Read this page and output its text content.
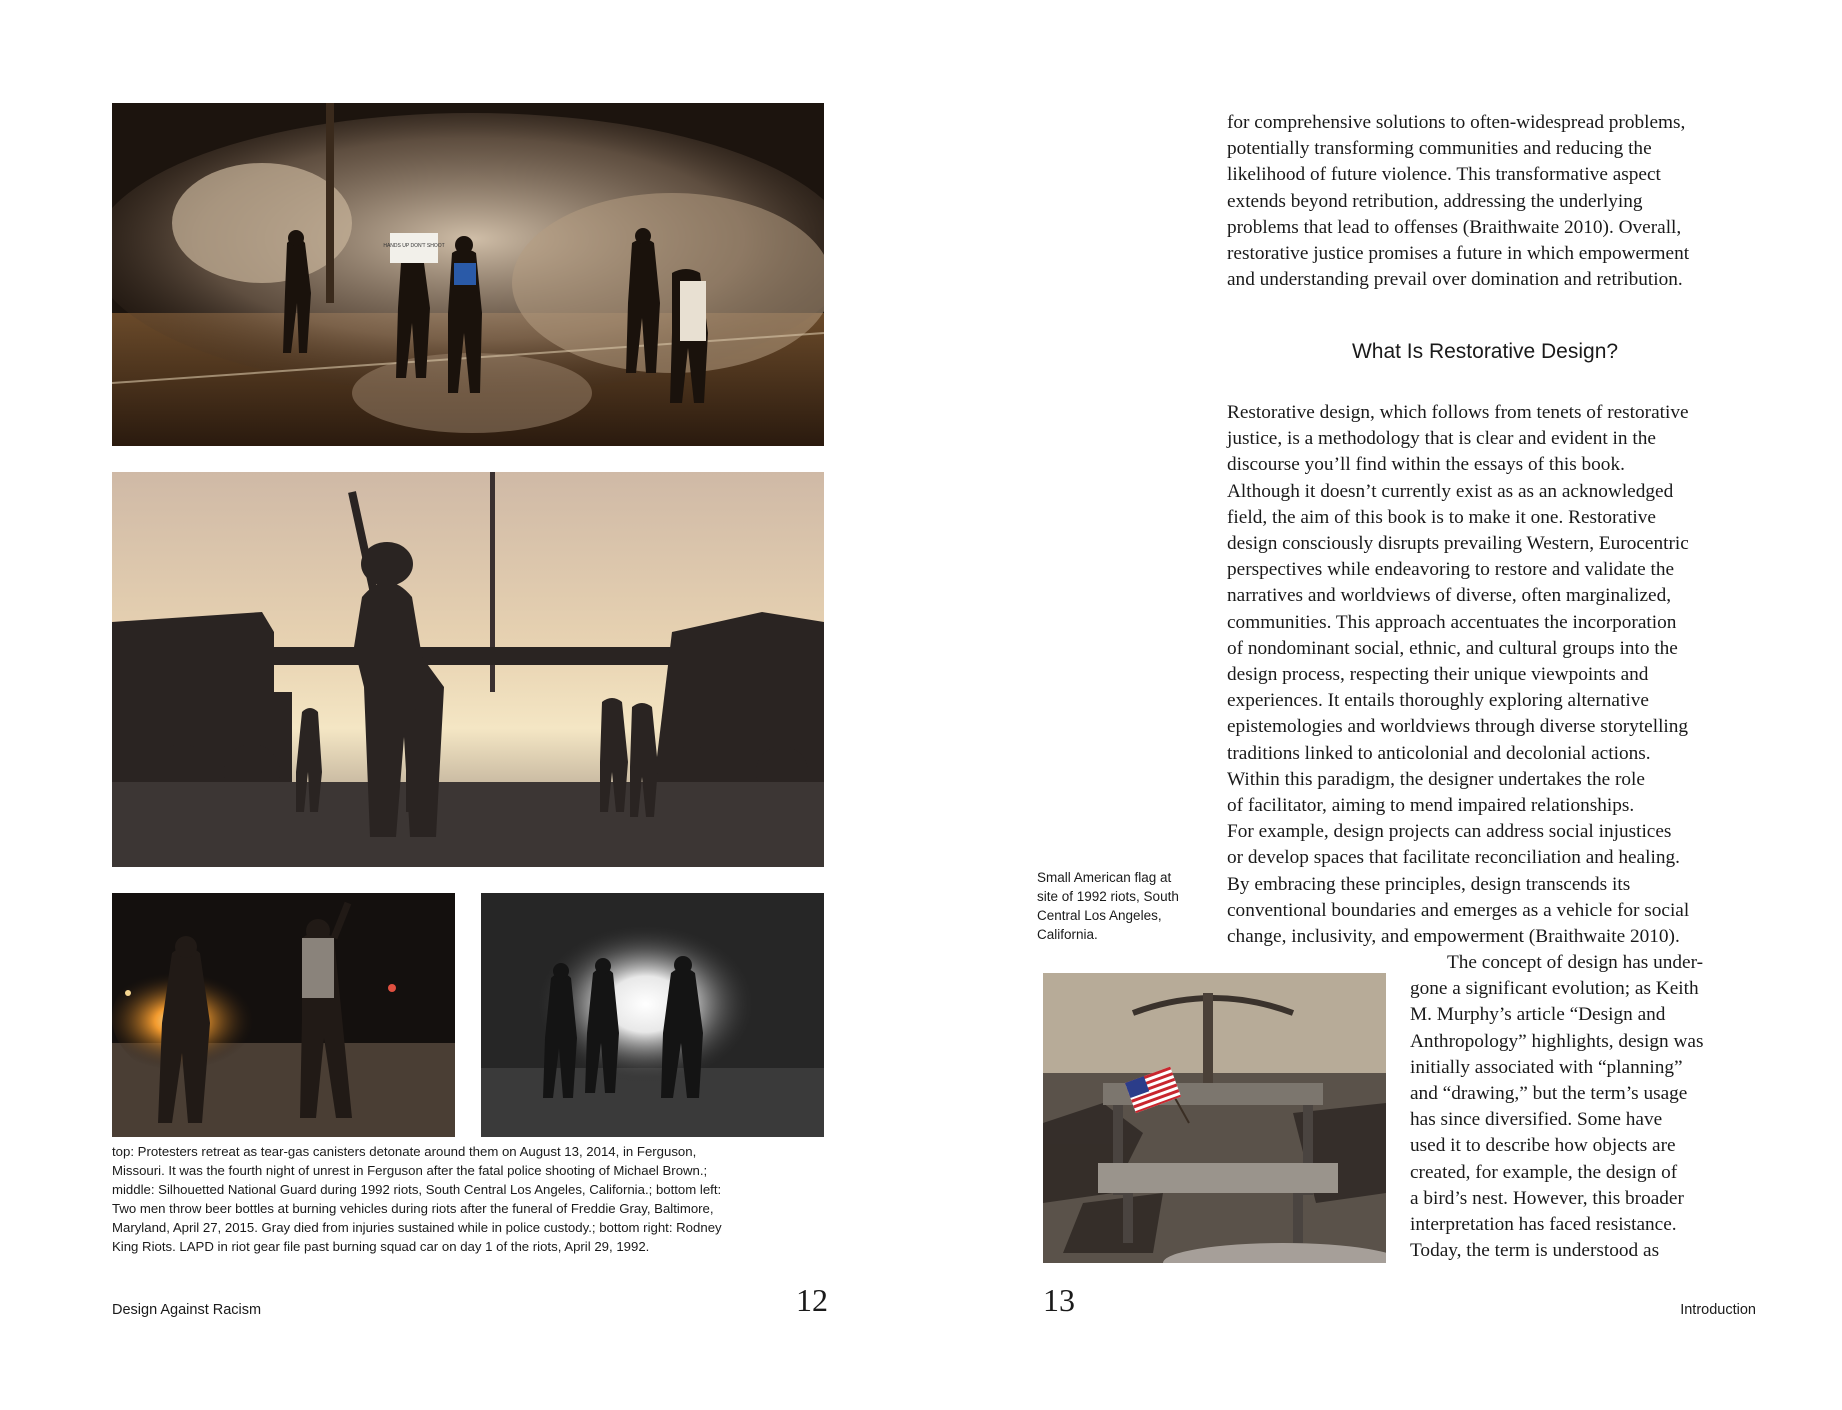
HANDS UP DON'T SHOOT
top: Protesters retreat as tear-gas canisters detonate around them on August 13, 2014, in Ferguson,
Missouri. It was the fourth night of unrest in Ferguson after the fatal police shooting of Michael Brown.;
middle: Silhouetted National Guard during 1992 riots, South Central Los Angeles, California.; bottom left:
Two men throw beer bottles at burning vehicles during riots after the funeral of Freddie Gray, Baltimore,
Maryland, April 27, 2015. Gray died from injuries sustained while in police custody.; bottom right: Rodney
King Riots. LAPD in riot gear file past burning squad car on day 1 of the riots, April 29, 1992.
Design Against Racism	12
for comprehensive solutions to often-widespread problems,
potentially transforming communities and reducing the
likelihood of future violence. This transformative aspect
extends beyond retribution, addressing the underlying
problems that lead to offenses (Braithwaite 2010). Overall,
restorative justice promises a future in which empowerment
and understanding prevail over domination and retribution.
What Is Restorative Design?
Restorative design, which follows from tenets of restorative
justice, is a methodology that is clear and evident in the
discourse you’ll find within the essays of this book.
Although it doesn’t currently exist as as an acknowledged
field, the aim of this book is to make it one. Restorative
design consciously disrupts prevailing Western, Eurocentric
perspectives while endeavoring to restore and validate the
narratives and worldviews of diverse, often marginalized,
communities. This approach accentuates the incorporation
of nondominant social, ethnic, and cultural groups into the
design process, respecting their unique viewpoints and
experiences. It entails thoroughly exploring alternative
epistemologies and worldviews through diverse storytelling
traditions linked to anticolonial and decolonial actions.
Within this paradigm, the designer undertakes the role
of facilitator, aiming to mend impaired relationships.
For example, design projects can address social injustices
or develop spaces that facilitate reconciliation and healing.
By embracing these principles, design transcends its
conventional boundaries and emerges as a vehicle for social
change, inclusivity, and empowerment (Braithwaite 2010).
The concept of design has under-
gone a significant evolution; as Keith
M. Murphy’s article “Design and
Anthropology” highlights, design was
initially associated with “planning”
and “drawing,” but the term’s usage
has since diversified. Some have
used it to describe how objects are
created, for example, the design of
a bird’s nest. However, this broader
interpretation has faced resistance.
Today, the term is understood as
Small American flag at
site of 1992 riots, South
Central Los Angeles,
California.
13	Introduction
